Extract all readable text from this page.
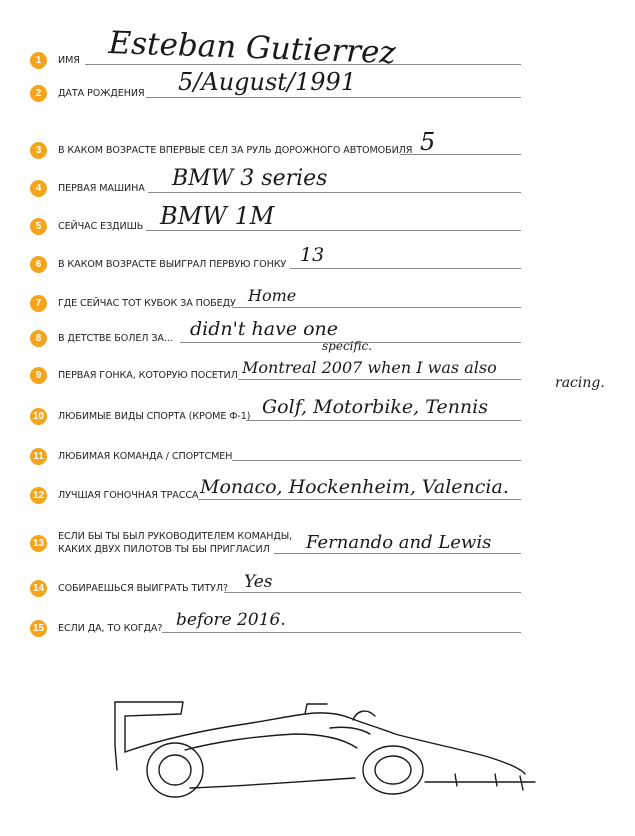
1	ИМЯ Esteban Gutierrez
2	ДАТА РОЖДЕНИЯ 5/August/1991
3	В КАКОМ ВОЗРАСТЕ ВПЕРВЫЕ СЕЛ ЗА РУЛЬ ДОРОЖНОГО АВТОМОБИЛЯ 5
4	ПЕРВАЯ МАШИНА BMW 3 series
5	СЕЙЧАС ЕЗДИШЬ BMW 1M
6	В КАКОМ ВОЗРАСТЕ ВЫИГРАЛ ПЕРВУЮ ГОНКУ 13
7	ГДЕ СЕЙЧАС ТОТ КУБОК ЗА ПОБЕДУ Home
8	В ДЕТСТВЕ БОЛЕЛ ЗА... didn't have one
specific.
9	ПЕРВАЯ ГОНКА, КОТОРУЮ ПОСЕТИЛ Montreal 2007 when I was also
racing.
10	ЛЮБИМЫЕ ВИДЫ СПОРТА (КРОМЕ Ф-1) Golf, Motorbike, Tennis
11	ЛЮБИМАЯ КОМАНДА / СПОРТСМЕН
12	ЛУЧШАЯ ГОНОЧНАЯ ТРАССА Monaco, Hockenheim, Valencia.
13
ЕСЛИ БЫ ТЫ БЫЛ РУКОВОДИТЕЛЕМ КОМАНДЫ,
КАКИХ ДВУХ ПИЛОТОВ ТЫ БЫ ПРИГЛАСИЛ Fernando and Lewis
14	СОБИРАЕШЬСЯ ВЫИГРАТЬ ТИТУЛ? Yes
15	ЕСЛИ ДА, ТО КОГДА? before 2016.
